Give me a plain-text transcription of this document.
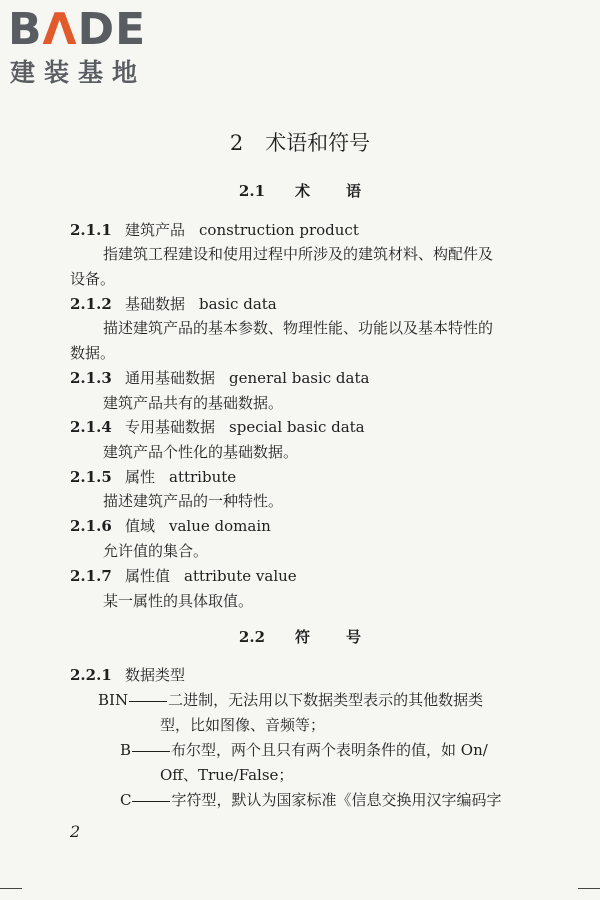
BΛDE
建装基地
2 术语和符号
2.1 术 语
2.1.1 建筑产品 construction product
指建筑工程建设和使用过程中所涉及的建筑材料、构配件及
设备。
2.1.2 基础数据 basic data
描述建筑产品的基本参数、物理性能、功能以及基本特性的
数据。
2.1.3 通用基础数据 general basic data
建筑产品共有的基础数据。
2.1.4 专用基础数据 special basic data
建筑产品个性化的基础数据。
2.1.5 属性 attribute
描述建筑产品的一种特性。
2.1.6 值域 value domain
允许值的集合。
2.1.7 属性值 attribute value
某一属性的具体取值。
2.2 符 号
2.2.1 数据类型
BIN	二进制，无法用以下数据类型表示的其他数据类
型，比如图像、音频等；
B	布尔型，两个且只有两个表明条件的值，如 On/
Off、True/False；
C	字符型，默认为国家标准《信息交换用汉字编码字
2
